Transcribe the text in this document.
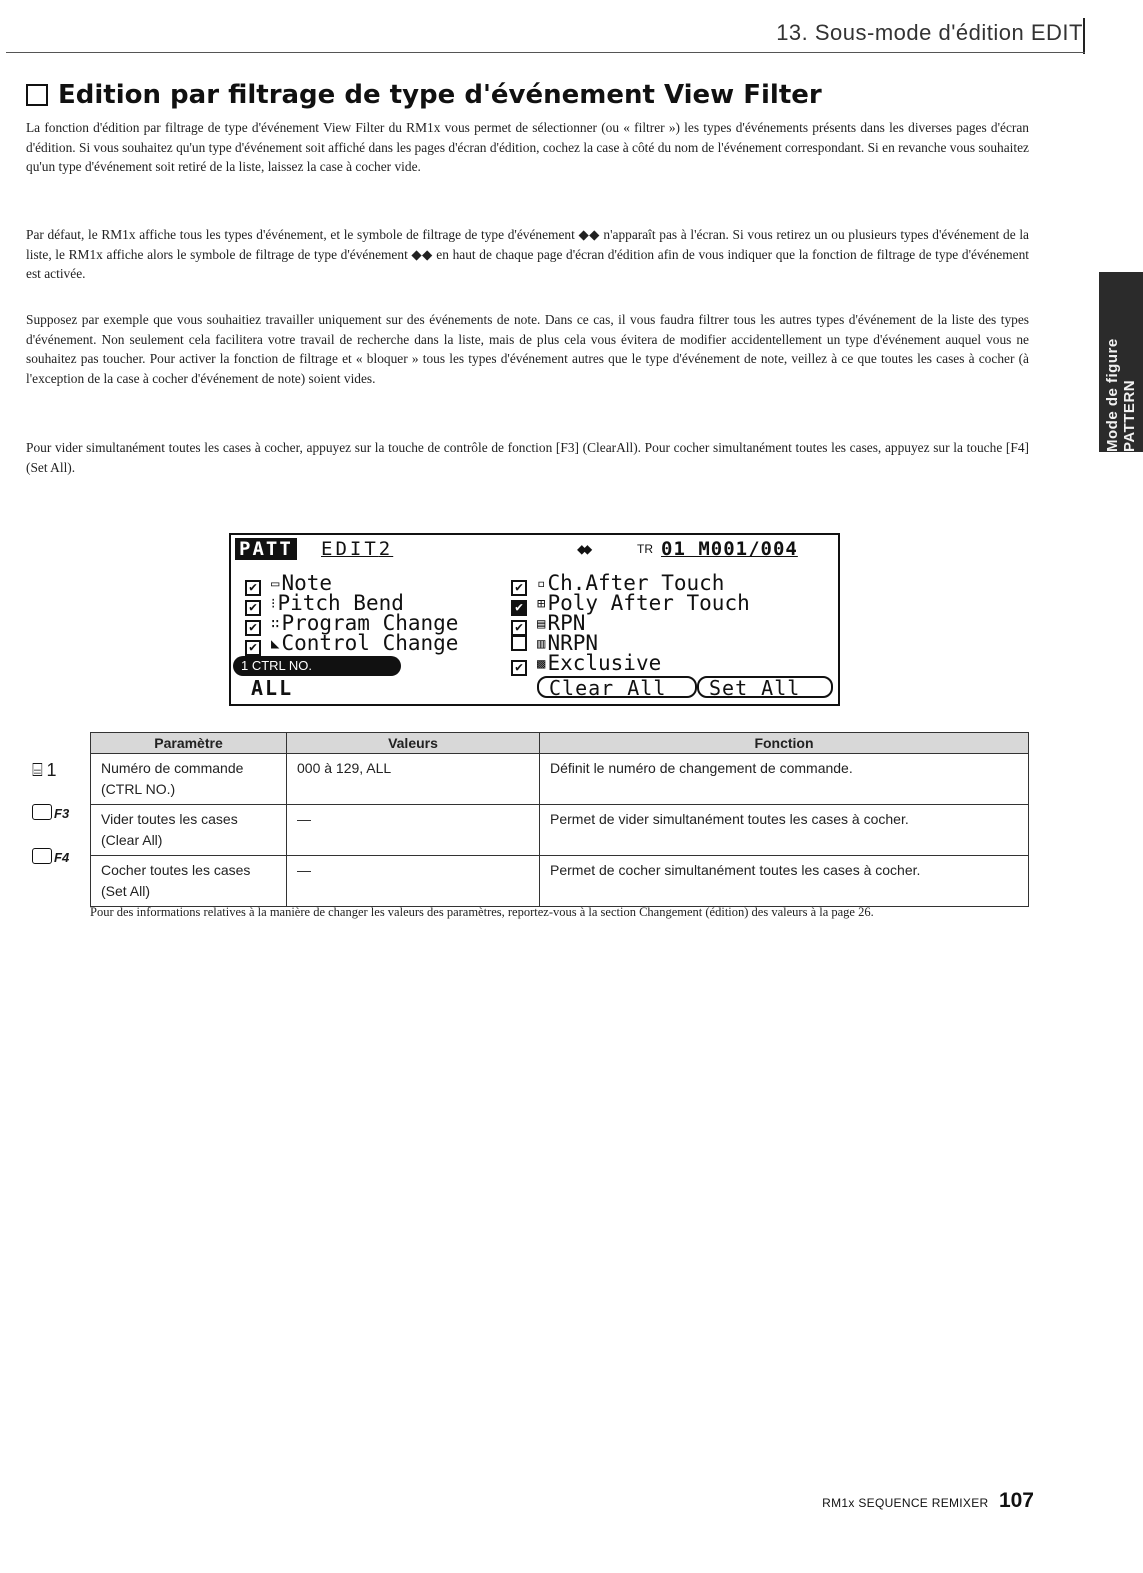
13. Sous-mode d'édition EDIT
Edition par filtrage de type d'événement View Filter

La fonction d'édition par filtrage de type d'événement View Filter du RM1x vous permet de sélectionner (ou « filtrer ») les types d'événements présents dans les diverses pages d'écran d'édition. Si vous souhaitez qu'un type d'événement soit affiché dans les pages d'écran d'édition, cochez la case à côté du nom de l'événement correspondant. Si en revanche vous souhaitez qu'un type d'événement soit retiré de la liste, laissez la case à cocher vide.

Par défaut, le RM1x affiche tous les types d'événement, et le symbole de filtrage de type d'événement ◆◆ n'apparaît pas à l'écran. Si vous retirez un ou plusieurs types d'événement de la liste, le RM1x affiche alors le symbole de filtrage de type d'événement ◆◆ en haut de chaque page d'écran d'édition afin de vous indiquer que la fonction de filtrage de type d'événement est activée.

Supposez par exemple que vous souhaitiez travailler uniquement sur des événements de note. Dans ce cas, il vous faudra filtrer tous les autres types d'événement de la liste des types d'événement. Non seulement cela facilitera votre travail de recherche dans la liste, mais de plus cela vous évitera de modifier accidentellement un type d'événement auquel vous ne souhaitez pas toucher. Pour activer la fonction de filtrage et « bloquer » tous les types d'événement autres que le type d'événement de note, veillez à ce que toutes les cases à cocher (à l'exception de la case à cocher d'événement de note) soient vides.

Pour vider simultanément toutes les cases à cocher, appuyez sur la touche de contrôle de fonction [F3] (ClearAll). Pour cocher simultanément toutes les cases, appuyez sur la touche [F4] (Set All).

Mode de figure PATTERN
PATT EDIT2	◆◆	TR 01 M001/004
✔▭Note
✔⁝Pitch Bend
✔∷Program Change
✔◣Control Change
✔▫Ch.After Touch
✔⊞Poly After Touch
✔▤RPN
▥NRPN
✔▩Exclusive
1 CTRL NO.
ALL	Clear All	Set All
⌸ 1
F3
F4
Paramètre	Valeurs	Fonction
Numéro de commande (CTRL NO.)	000 à 129, ALL	Définit le numéro de changement de commande.
Vider toutes les cases (Clear All)	—	Permet de vider simultanément toutes les cases à cocher.
Cocher toutes les cases (Set All)	—	Permet de cocher simultanément toutes les cases à cocher.
Pour des informations relatives à la manière de changer les valeurs des paramètres, reportez-vous à la section Changement (édition) des valeurs à la page 26.
RM1x SEQUENCE REMIXER 107
